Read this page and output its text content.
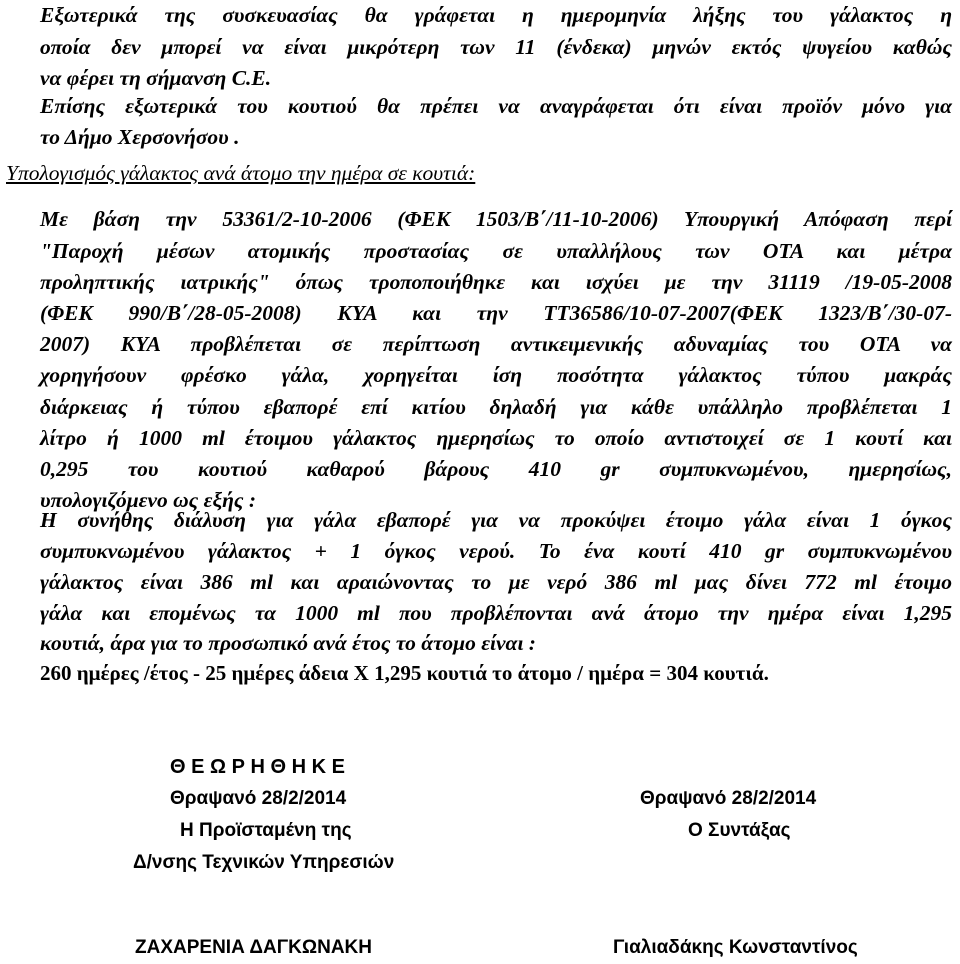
Εξωτερικά της συσκευασίας θα γράφεται η ημερομηνία λήξης του γάλακτος η
οποία δεν μπορεί να είναι μικρότερη των 11 (ένδεκα) μηνών εκτός ψυγείου καθώς
να φέρει τη σήμανση C.E.
Επίσης εξωτερικά του κουτιού θα πρέπει να αναγράφεται ότι είναι προϊόν μόνο για
το Δήμο Χερσονήσου .
Υπολογισμός γάλακτος ανά άτομο την ημέρα σε κουτιά:
Με βάση την 53361/2-10-2006 (ΦΕΚ 1503/Β΄/11-10-2006) Υπουργική Απόφαση περί
"Παροχή μέσων ατομικής προστασίας σε υπαλλήλους των ΟΤΑ και μέτρα
προληπτικής ιατρικής" όπως τροποποιήθηκε και ισχύει με την 31119 /19-05-2008
(ΦΕΚ 990/Β΄/28-05-2008) ΚΥΑ και την ΤΤ36586/10-07-2007(ΦΕΚ 1323/Β΄/30-07-
2007) ΚΥΑ προβλέπεται σε περίπτωση αντικειμενικής αδυναμίας του ΟΤΑ να
χορηγήσουν φρέσκο γάλα, χορηγείται ίση ποσότητα γάλακτος τύπου μακράς
διάρκειας ή τύπου εβαπορέ επί κιτίου δηλαδή για κάθε υπάλληλο προβλέπεται 1
λίτρο ή 1000 ml έτοιμου γάλακτος ημερησίως το οποίο αντιστοιχεί σε 1 κουτί και
0,295 του κουτιού καθαρού βάρους 410 gr συμπυκνωμένου, ημερησίως,
υπολογιζόμενο ως εξής :
Η συνήθης διάλυση για γάλα εβαπορέ για να προκύψει έτοιμο γάλα είναι 1 όγκος
συμπυκνωμένου γάλακτος + 1 όγκος νερού. Το ένα κουτί 410 gr συμπυκνωμένου
γάλακτος είναι 386 ml και αραιώνοντας το με νερό 386 ml μας δίνει 772 ml έτοιμο
γάλα και επομένως τα 1000 ml που προβλέπονται ανά άτομο την ημέρα είναι 1,295
κουτιά, άρα για το προσωπικό ανά έτος το άτομο είναι :
260 ημέρες /έτος - 25 ημέρες άδεια Χ 1,295 κουτιά το άτομο / ημέρα = 304 κουτιά.
Θ Ε Ω Ρ Η Θ Η Κ Ε
Θραψανό 28/2/2014
Η Προϊσταμένη της
Δ/νσης Τεχνικών Υπηρεσιών
ΖΑΧΑΡΕΝΙΑ ΔΑΓΚΩΝΑΚΗ
Θραψανό 28/2/2014
Ο Συντάξας
Γιαλιαδάκης Κωνσταντίνος
